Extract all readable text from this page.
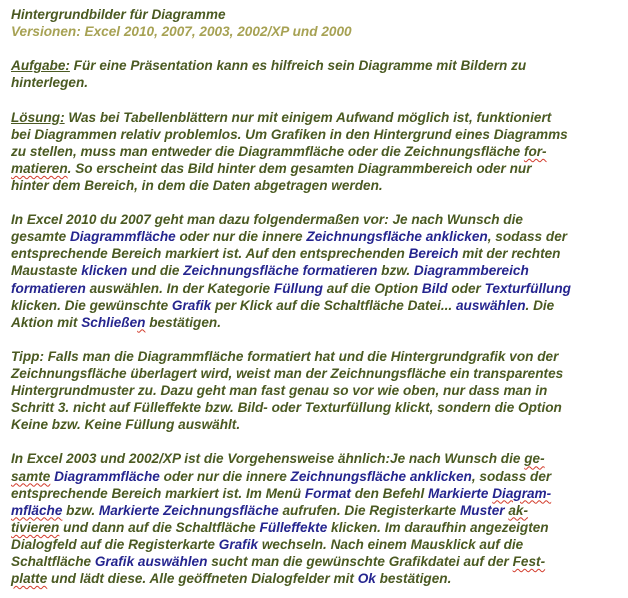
Hintergrundbilder für Diagramme
Versionen: Excel 2010, 2007, 2003, 2002/XP und 2000
Aufgabe: Für eine Präsentation kann es hilfreich sein Diagramme mit Bildern zu
hinterlegen.
Lösung: Was bei Tabellenblättern nur mit einigem Aufwand möglich ist, funktioniert
bei Diagrammen relativ problemlos. Um Grafiken in den Hintergrund eines Diagramms
zu stellen, muss man entweder die Diagrammfläche oder die Zeichnungsfläche for-
matieren. So erscheint das Bild hinter dem gesamten Diagrammbereich oder nur
hinter dem Bereich, in dem die Daten abgetragen werden.
In Excel 2010 du 2007 geht man dazu folgendermaßen vor: Je nach Wunsch die
gesamte Diagrammfläche oder nur die innere Zeichnungsfläche anklicken, sodass der
entsprechende Bereich markiert ist. Auf den entsprechenden Bereich mit der rechten
Maustaste klicken und die Zeichnungsfläche formatieren bzw. Diagrammbereich
formatieren auswählen. In der Kategorie Füllung auf die Option Bild oder Texturfüllung
klicken. Die gewünschte Grafik per Klick auf die Schaltfläche Datei... auswählen. Die
Aktion mit Schließen bestätigen.
Tipp: Falls man die Diagrammfläche formatiert hat und die Hintergrundgrafik von der
Zeichnungsfläche überlagert wird, weist man der Zeichnungsfläche ein transparentes
Hintergrundmuster zu. Dazu geht man fast genau so vor wie oben, nur dass man in
Schritt 3. nicht auf Fülleffekte bzw. Bild- oder Texturfüllung klickt, sondern die Option
Keine bzw. Keine Füllung auswählt.
In Excel 2003 und 2002/XP ist die Vorgehensweise ähnlich:Je nach Wunsch die ge-
samte Diagrammfläche oder nur die innere Zeichnungsfläche anklicken, sodass der
entsprechende Bereich markiert ist. Im Menü Format den Befehl Markierte Diagram-
mfläche bzw. Markierte Zeichnungsfläche aufrufen. Die Registerkarte Muster ak-
tivieren und dann auf die Schaltfläche Fülleffekte klicken. Im daraufhin angezeigten
Dialogfeld auf die Registerkarte Grafik wechseln. Nach einem Mausklick auf die
Schaltfläche Grafik auswählen sucht man die gewünschte Grafikdatei auf der Fest-
platte und lädt diese. Alle geöffneten Dialogfelder mit Ok bestätigen.
